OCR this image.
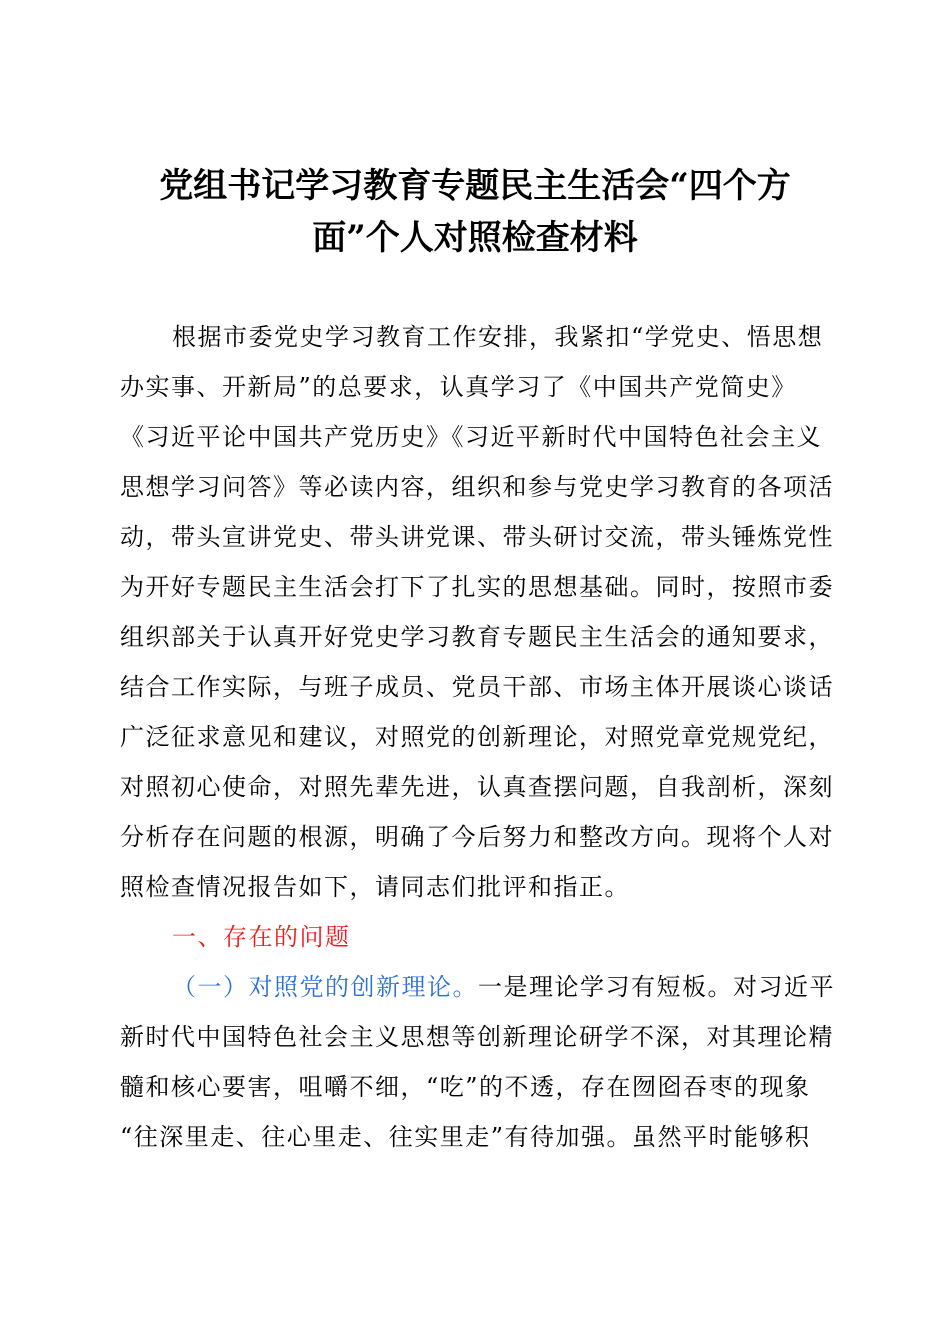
党组书记学习教育专题民主生活会“四个方
面”个人对照检查材料
根据市委党史学习教育工作安排，我紧扣“学党史、悟思想
办实事、开新局”的总要求，认真学习了《中国共产党简史》
《习近平论中国共产党历史》《习近平新时代中国特色社会主义
思想学习问答》等必读内容，组织和参与党史学习教育的各项活
动，带头宣讲党史、带头讲党课、带头研讨交流，带头锤炼党性
为开好专题民主生活会打下了扎实的思想基础。同时，按照市委
组织部关于认真开好党史学习教育专题民主生活会的通知要求，
结合工作实际，与班子成员、党员干部、市场主体开展谈心谈话
广泛征求意见和建议，对照党的创新理论，对照党章党规党纪，
对照初心使命，对照先辈先进，认真查摆问题，自我剖析，深刻
分析存在问题的根源，明确了今后努力和整改方向。现将个人对
照检查情况报告如下，请同志们批评和指正。
一、存在的问题
（一）对照党的创新理论。一是理论学习有短板。对习近平
新时代中国特色社会主义思想等创新理论研学不深，对其理论精
髓和核心要害，咀嚼不细，“吃”的不透，存在囫囵吞枣的现象
“往深里走、往心里走、往实里走”有待加强。虽然平时能够积
